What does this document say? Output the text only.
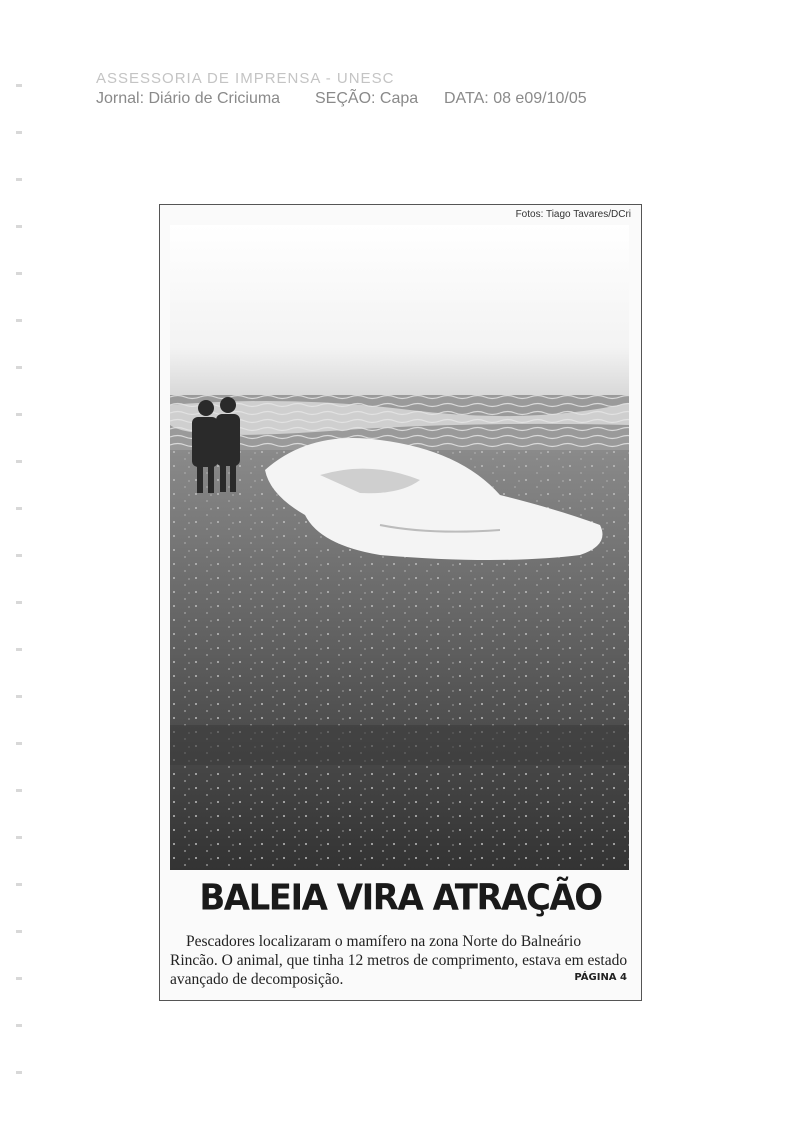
ASSESSORIA DE IMPRENSA - UNESC
Jornal: Diário de Criciuma SEÇÃO: Capa DATA: 08 e09/10/05
Fotos: Tiago Tavares/DCri
BALEIA VIRA ATRAÇÃO
Pescadores localizaram o mamífero na zona Norte do Balneário Rincão. O animal, que tinha 12 metros de comprimento, estava em estado avançado de decomposição.	PÁGINA 4
